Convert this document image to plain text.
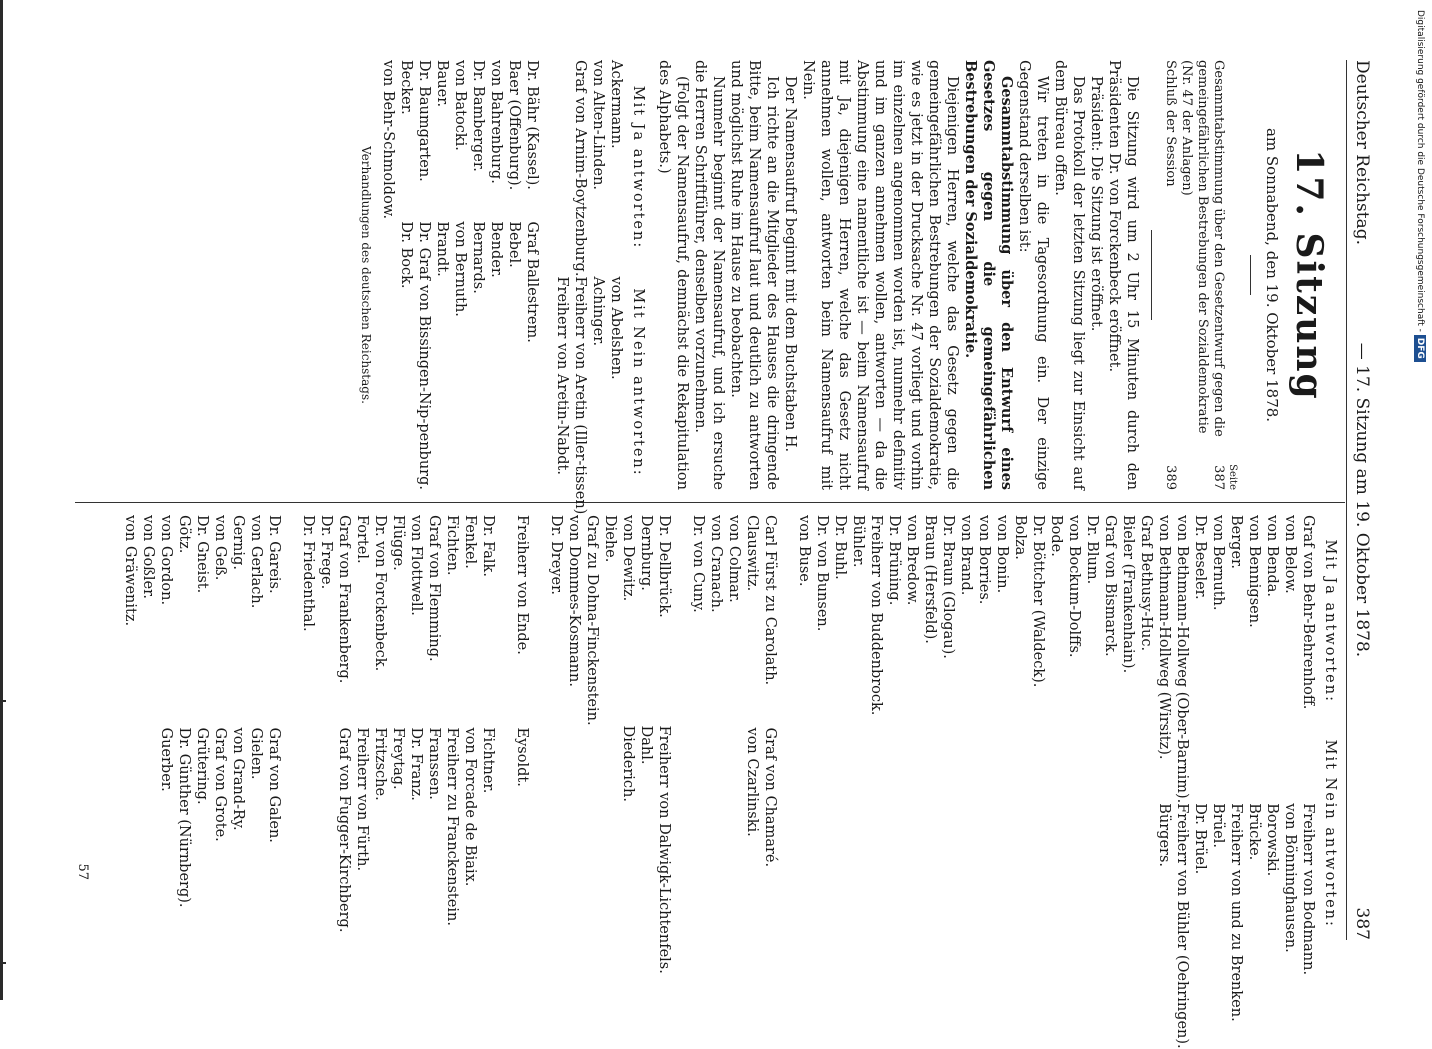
Deutscher Reichstag.
— 17. Sitzung am 19. Oktober 1878.
387
17. Sitzung
am Sonnabend, den 19. Oktober 1878.
Seite
Gesammtabstimmung über den Gesetzentwurf gegen die gemeingefährlichen Bestrebungen der Sozialdemokratie (Nr. 47 der Anlagen)
387
Schluß der Session
389

Die Sitzung wird um 2 Uhr 15 Minuten durch den Präsidenten Dr. von Forckenbeck eröffnet.

Präsident: Die Sitzung ist eröffnet.

Das Protokoll der letzten Sitzung liegt zur Einsicht auf dem Büreau offen.

Wir treten in die Tagesordnung ein. Der einzige Gegenstand derselben ist:

Gesammtabstimmung über den Entwurf eines Gesetzes gegen die gemeingefährlichen Bestrebungen der Sozialdemokratie.

Diejenigen Herren, welche das Gesetz gegen die gemeingefährlichen Bestrebungen der Sozialdemokratie, wie es jetzt in der Drucksache Nr. 47 vorliegt und vorhin im einzelnen angenommen worden ist, nunmehr definitiv und im ganzen annehmen wollen, antworten — da die Abstimmung eine namentliche ist — beim Namensaufruf mit Ja, diejenigen Herren, welche das Gesetz nicht annehmen wollen, antworten beim Namensaufruf mit Nein.

Der Namensaufruf beginnt mit dem Buchstaben H.

Ich richte an die Mitglieder des Hauses die dringende Bitte, beim Namensaufruf laut und deutlich zu antworten und möglichst Ruhe im Hause zu beobachten.

Nunmehr beginnt der Namensaufruf, und ich ersuche die Herren Schriftführer, denselben vorzunehmen.

(Folgt der Namensaufruf, demnächst die Rekapitulation des Alphabets.)

Mit Ja antworten:
Mit Nein antworten:
Ackermann.
von Alten-Linden.
Graf von Arnim-Boytzenburg.
von Abelshen.
Achinger.
Freiherr von Aretin (Iller-tissen).
Freiherr von Aretin-Nabdt.
Dr. Bähr (Kassel).
Baer (Offenburg).
von Bahrenburg.
Dr. Bamberger.
von Batocki.
Bauer.
Dr. Baumgarten.
Becker.
von Behr-Schmoldow.
Graf Ballestrem.
Bebel.
Bender.
Bernards.
von Bernuth.
Brandt.
Dr. Graf von Bissingen-Nip-penburg.
Dr. Bock.
Verhandlungen des deutschen Reichstags.
Mit Ja antworten:
Mit Nein antworten:
Graf von Behr-Behrenhoff.
von Below.
von Benda.
von Bennigsen.
Berger.
von Bernuth.
Dr. Beseler.
von Bethmann-Hollweg (Ober-Barnim).
von Bethmann-Hollweg (Wirsitz).
Graf Bethusy-Huc.
Bieler (Frankenhain).
Graf von Bismarck.
Dr. Blum.
von Bockum-Dolffs.
Bode.
Dr. Böttcher (Waldeck).
Bolza.
von Bonin.
von Borries.
von Brand.
Dr. Braun (Glogau).
Braun (Hersfeld).
von Bredow.
Dr. Brüning.
Freiherr von Buddenbrock.
Bühler.
Dr. Buhl.
Dr. von Bunsen.
von Buse.
Freiherr von Bodmann.
von Bönninghausen.
Borowski.
Brücke.
Freiherr von und zu Brenken.
Brüel.
Dr. Brüel.
Freiherr von Bühler (Oehringen).
Bürgers.
Carl Fürst zu Carolath.
Clauswitz.
von Colmar.
von Cranach.
Dr. von Cuny.
Graf von Chamaré.
von Czarlinski.
Dr. Dellbrück.
Dernburg.
von Dewitz.
Diehe.
Graf zu Dohna-Finckenstein.
von Dommes-Kosmann.
Dr. Dreyer.
Freiherr von Dalwigk-Lichtenfels.
Dahl.
Diederich.
Freiherr von Ende.
Eysoldt.
Dr. Falk.
Fenkel.
Fichten.
Graf von Flemming.
von Flottwell.
Flügge.
Dr. von Forckenbeck.
Fortel.
Graf von Frankenberg.
Dr. Frege.
Dr. Friedenthal.
Fichtner.
von Forcade de Biaix.
Freiherr zu Franckenstein.
Franssen.
Dr. Franz.
Freytag.
Fritzsche.
Freiherr von Fürth.
Graf von Fugger-Kirchberg.
Dr. Gareis.
von Gerlach.
Gernig.
von Geß.
Dr. Gneist.
Götz.
von Gordon.
von Goßler.
von Gräwenitz.
Graf von Galen.
Gielen.
von Grand-Ry.
Graf von Grote.
Grütering.
Dr. Günther (Nürnberg).
Guerber.
57
Digitalisierung gefördert durch die Deutsche Forschungsgemeinschaft - DFG
